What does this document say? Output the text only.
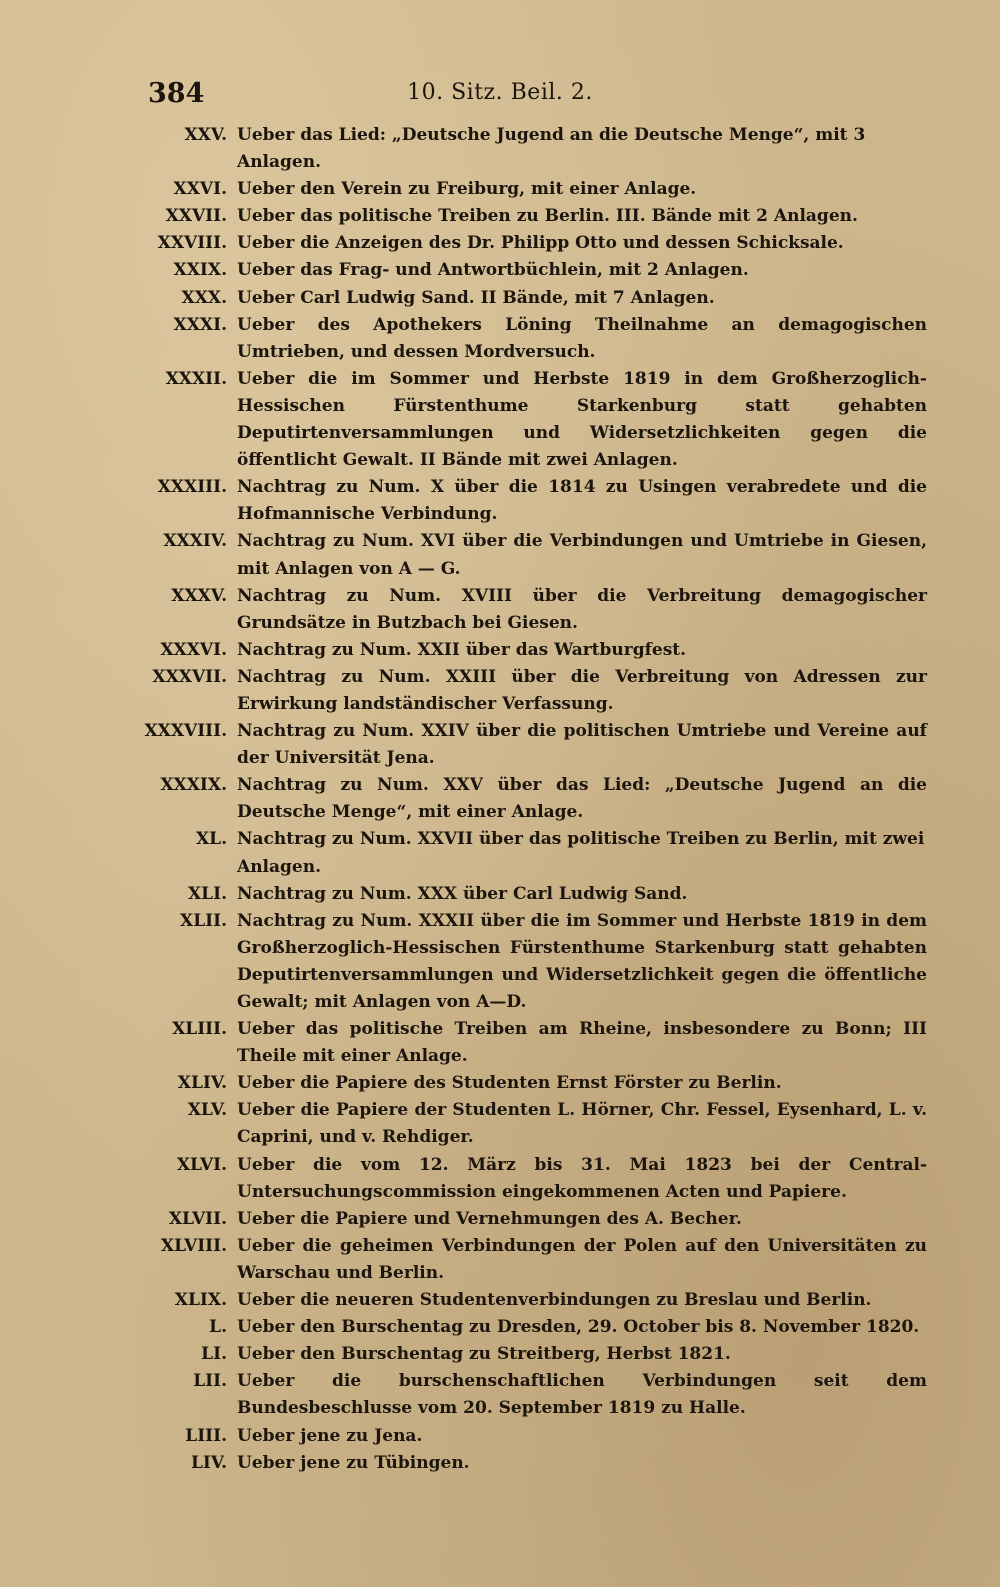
384	10. Sitz. Beil. 2.
XXV. Ueber das Lied: „Deutsche Jugend an die Deutsche Menge“, mit 3 Anlagen.
XXVI. Ueber den Verein zu Freiburg, mit einer Anlage.
XXVII. Ueber das politische Treiben zu Berlin. III. Bände mit 2 Anlagen.
XXVIII. Ueber die Anzeigen des Dr. Philipp Otto und dessen Schicksale.
XXIX. Ueber das Frag- und Antwortbüchlein, mit 2 Anlagen.
XXX. Ueber Carl Ludwig Sand. II Bände, mit 7 Anlagen.
XXXI. Ueber des Apothekers Löning Theilnahme an demagogischen Umtrieben, und dessen Mordversuch.
XXXII. Ueber die im Sommer und Herbste 1819 in dem Großherzoglich-Hessischen Fürstenthume Starkenburg statt gehabten Deputirtenversammlungen und Widersetzlichkeiten gegen die öffentlicht Gewalt. II Bände mit zwei Anlagen.
XXXIII. Nachtrag zu Num. X über die 1814 zu Usingen verabredete und die Hofmannische Verbindung.
XXXIV. Nachtrag zu Num. XVI über die Verbindungen und Umtriebe in Giesen, mit Anlagen von A — G.
XXXV. Nachtrag zu Num. XVIII über die Verbreitung demagogischer Grundsätze in Butzbach bei Giesen.
XXXVI. Nachtrag zu Num. XXII über das Wartburgfest.
XXXVII. Nachtrag zu Num. XXIII über die Verbreitung von Adressen zur Erwirkung landständischer Verfassung.
XXXVIII. Nachtrag zu Num. XXIV über die politischen Umtriebe und Vereine auf der Universität Jena.
XXXIX. Nachtrag zu Num. XXV über das Lied: „Deutsche Jugend an die Deutsche Menge“, mit einer Anlage.
XL. Nachtrag zu Num. XXVII über das politische Treiben zu Berlin, mit zwei Anlagen.
XLI. Nachtrag zu Num. XXX über Carl Ludwig Sand.
XLII. Nachtrag zu Num. XXXII über die im Sommer und Herbste 1819 in dem Großherzoglich-Hessischen Fürstenthume Starkenburg statt gehabten Deputirtenversammlungen und Widersetzlichkeit gegen die öffentliche Gewalt; mit Anlagen von A—D.
XLIII. Ueber das politische Treiben am Rheine, insbesondere zu Bonn; III Theile mit einer Anlage.
XLIV. Ueber die Papiere des Studenten Ernst Förster zu Berlin.
XLV. Ueber die Papiere der Studenten L. Hörner, Chr. Fessel, Eysenhard, L. v. Caprini, und v. Rehdiger.
XLVI. Ueber die vom 12. März bis 31. Mai 1823 bei der Central-Untersuchungscommission eingekommenen Acten und Papiere.
XLVII. Ueber die Papiere und Vernehmungen des A. Becher.
XLVIII. Ueber die geheimen Verbindungen der Polen auf den Universitäten zu Warschau und Berlin.
XLIX. Ueber die neueren Studentenverbindungen zu Breslau und Berlin.
L. Ueber den Burschentag zu Dresden, 29. October bis 8. November 1820.
LI. Ueber den Burschentag zu Streitberg, Herbst 1821.
LII. Ueber die burschenschaftlichen Verbindungen seit dem Bundesbeschlusse vom 20. September 1819 zu Halle.
LIII. Ueber jene zu Jena.
LIV. Ueber jene zu Tübingen.
